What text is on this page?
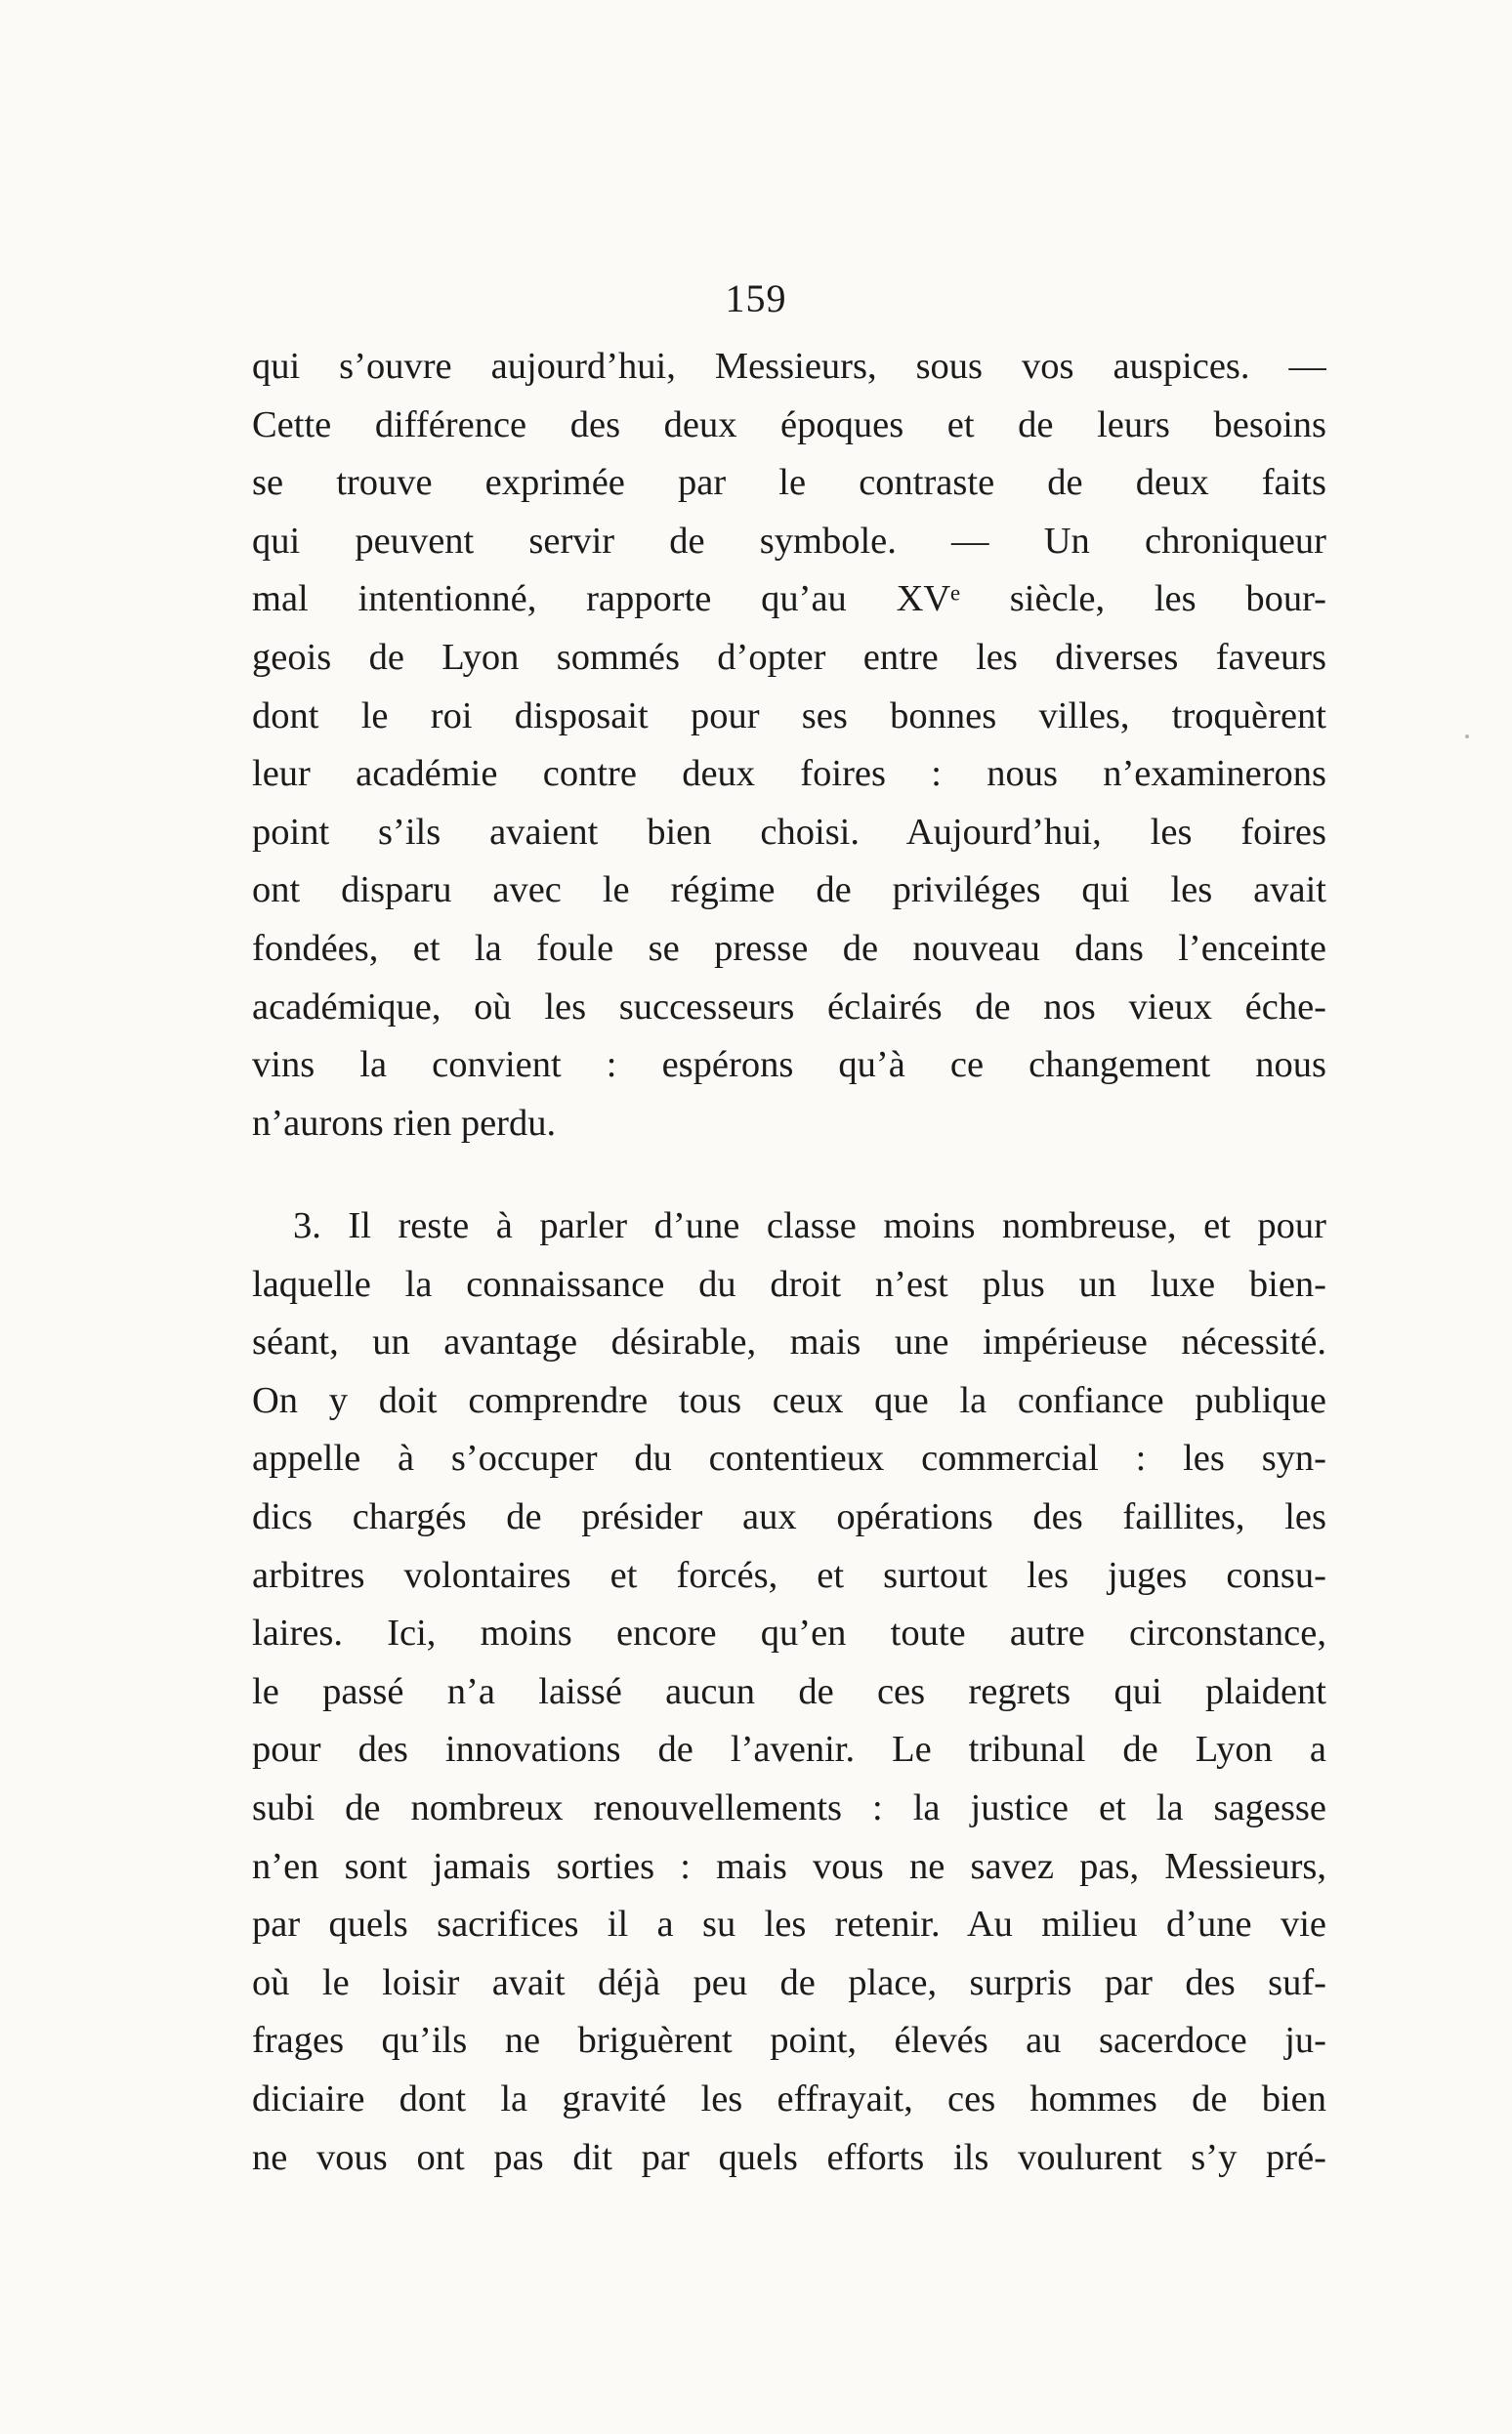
159
qui s’ouvre aujourd’hui, Messieurs, sous vos auspices. —
Cette différence des deux époques et de leurs besoins
se trouve exprimée par le contraste de deux faits
qui peuvent servir de symbole. — Un chroniqueur
mal intentionné, rapporte qu’au XVᵉ siècle, les bour-
geois de Lyon sommés d’opter entre les diverses faveurs
dont le roi disposait pour ses bonnes villes, troquèrent
leur académie contre deux foires : nous n’examinerons
point s’ils avaient bien choisi. Aujourd’hui, les foires
ont disparu avec le régime de priviléges qui les avait
fondées, et la foule se presse de nouveau dans l’enceinte
académique, où les successeurs éclairés de nos vieux éche-
vins la convient : espérons qu’à ce changement nous
n’aurons rien perdu.
3. Il reste à parler d’une classe moins nombreuse, et pour
laquelle la connaissance du droit n’est plus un luxe bien-
séant, un avantage désirable, mais une impérieuse nécessité.
On y doit comprendre tous ceux que la confiance publique
appelle à s’occuper du contentieux commercial : les syn-
dics chargés de présider aux opérations des faillites, les
arbitres volontaires et forcés, et surtout les juges consu-
laires. Ici, moins encore qu’en toute autre circonstance,
le passé n’a laissé aucun de ces regrets qui plaident
pour des innovations de l’avenir. Le tribunal de Lyon a
subi de nombreux renouvellements : la justice et la sagesse
n’en sont jamais sorties : mais vous ne savez pas, Messieurs,
par quels sacrifices il a su les retenir. Au milieu d’une vie
où le loisir avait déjà peu de place, surpris par des suf-
frages qu’ils ne briguèrent point, élevés au sacerdoce ju-
diciaire dont la gravité les effrayait, ces hommes de bien
ne vous ont pas dit par quels efforts ils voulurent s’y pré-
